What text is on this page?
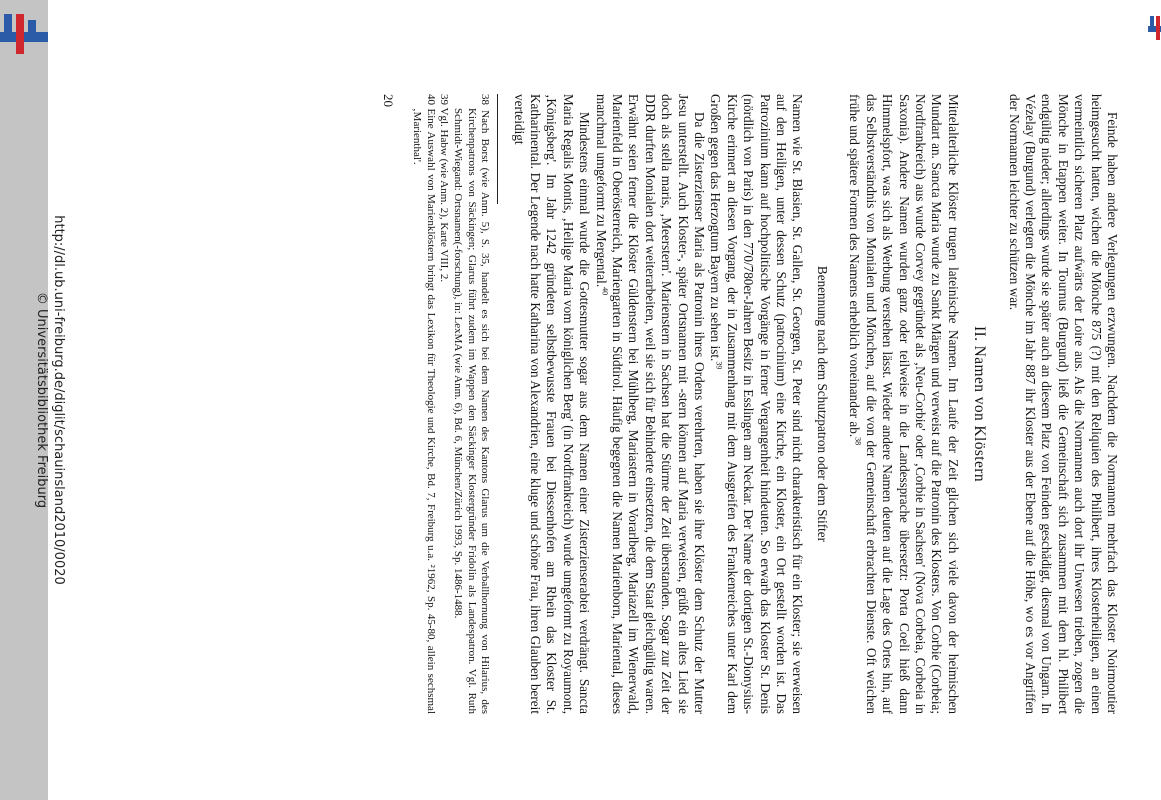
http://dl.ub.uni-freiburg.de/diglit/schauinsland2010/0020
© Universitätsbibliothek Freiburg	Feinde haben andere Verlegungen erzwungen. Nachdem die Normannen mehrfach das Kloster Noirmoutier heimgesucht hatten, wichen die Mönche 875 (?) mit den Reliquien des Philibert, ihres Klosterheiligen, an einen vermeintlich sicheren Platz aufwärts der Loire aus. Als die Normannen auch dort ihr Unwesen trieben, zogen die Mönche in Etappen weiter. In Tournus (Burgund) ließ die Gemeinschaft sich zusammen mit dem hl. Philibert endgültig nieder; allerdings wurde sie später auch an diesem Platz von Feinden geschädigt, diesmal von Ungarn. In Vézelay (Burgund) verlegten die Mönche im Jahr 887 ihr Kloster aus der Ebene auf die Höhe, wo es vor Angriffen der Normannen leichter zu schützen war.

II. Namen von Klöstern

Mittelalterliche Klöster trugen lateinische Namen. Im Laufe der Zeit glichen sich viele davon der heimischen Mundart an. Sancta Maria wurde zu Sankt Märgen und verweist auf die Patronin des Klosters. Von Corbie (Corbeia; Nordfrankreich) aus wurde Corvey gegründet als ‚Neu-Corbie' oder ‚Corbie in Sachsen' (Nova Corbeia, Corbeia in Saxonia). Andere Namen wurden ganz oder teilweise in die Landessprache übersetzt: Porta Coeli hieß dann Himmelspfort, was sich als Werbung verstehen lässt. Wieder andere Namen deuten auf die Lage des Ortes hin, auf das Selbstverständnis von Monialen und Mönchen, auf die von der Gemeinschaft erbrachten Dienste. Oft weichen frühe und spätere Formen des Namens erheblich voneinander ab.$^{38}$

Benennung nach dem Schutzpatron oder dem Stifter

Namen wie St. Blasien, St. Gallen, St. Georgen, St. Peter sind nicht charakteristisch für ein Kloster; sie verweisen auf den Heiligen, unter dessen Schutz (patrocinium) eine Kirche, ein Kloster, ein Ort gestellt worden ist. Das Patrozinium kann auf hochpolitische Vorgänge in ferner Vergangenheit hindeuten. So erwarb das Kloster St. Denis (nördlich von Paris) in den 770/780er-Jahren Besitz in Esslingen am Neckar. Der Name der dortigen St.-Dionysius-Kirche erinnert an diesen Vorgang, der in Zusammenhang mit dem Ausgreifen des Frankenreiches unter Karl dem Großen gegen das Herzogtum Bayern zu sehen ist.$^{39}$

Da die Zisterzienser Maria als Patronin ihres Ordens verehrten, haben sie ihre Klöster dem Schutz der Mutter Jesu unterstellt. Auch Kloster-, später Ortsnamen mit -stern können auf Maria verweisen, grüßt ein altes Lied sie doch als stella maris, ‚Meerstern'. Marienstern in Sachsen hat die Stürme der Zeit überstanden. Sogar zur Zeit der DDR durften Monialen dort weiterarbeiten, weil sie sich für Behinderte einsetzten, die dem Staat gleichgültig waren. Erwähnt seien ferner die Klöster Güldenstern bei Mühlberg, Mariastern in Vorarlberg, Mariazell im Wienerwald, Marienfeld in Oberösterreich, Mariengarten in Südtirol. Häufig begegnen die Namen Marienborn, Mariental, dieses manchmal umgeformt zu Mergental.$^{40}$

Mindestens einmal wurde die Gottesmutter sogar aus dem Namen einer Zisterzienserabtei verdrängt. Sancta Maria Regalis Montis, ‚Heilige Maria vom königlichen Berg' (in Nordfrankreich) wurde umgeformt zu Royaumont, ‚Königsberg'. Im Jahr 1242 gründeten selbstbewusste Frauen bei Diessenhofen am Rhein das Kloster St. Katharinental. Der Legende nach hatte Katharina von Alexandrien, eine kluge und schöne Frau, ihren Glauben bereit verteidigt

38 Nach Borst (wie Anm. 5), S. 35, handelt es sich bei dem Namen des Kantons Glarus um die Verballhornung von Hilarius, des Kirchenpatrons von Säckingen; Glarus führt zudem im Wappen den Säckinger Klostergründer Fridolin als Landespatron. Vgl. Ruth Schmidt-Wiegand: Ortsnamen(-forschung), in: LexMA (wie Anm. 6), Bd. 6, München/Zürich 1993, Sp. 1486-1488.

39 Vgl. Habw (wie Anm. 2), Karte VIII, 2.

40 Eine Auswahl von Marienklöstern bringt das Lexikon für Theologie und Kirche, Bd. 7, Freiburg u.a. ²1962, Sp. 45-80, allein sechsmal ‚Marienthal'.

20
